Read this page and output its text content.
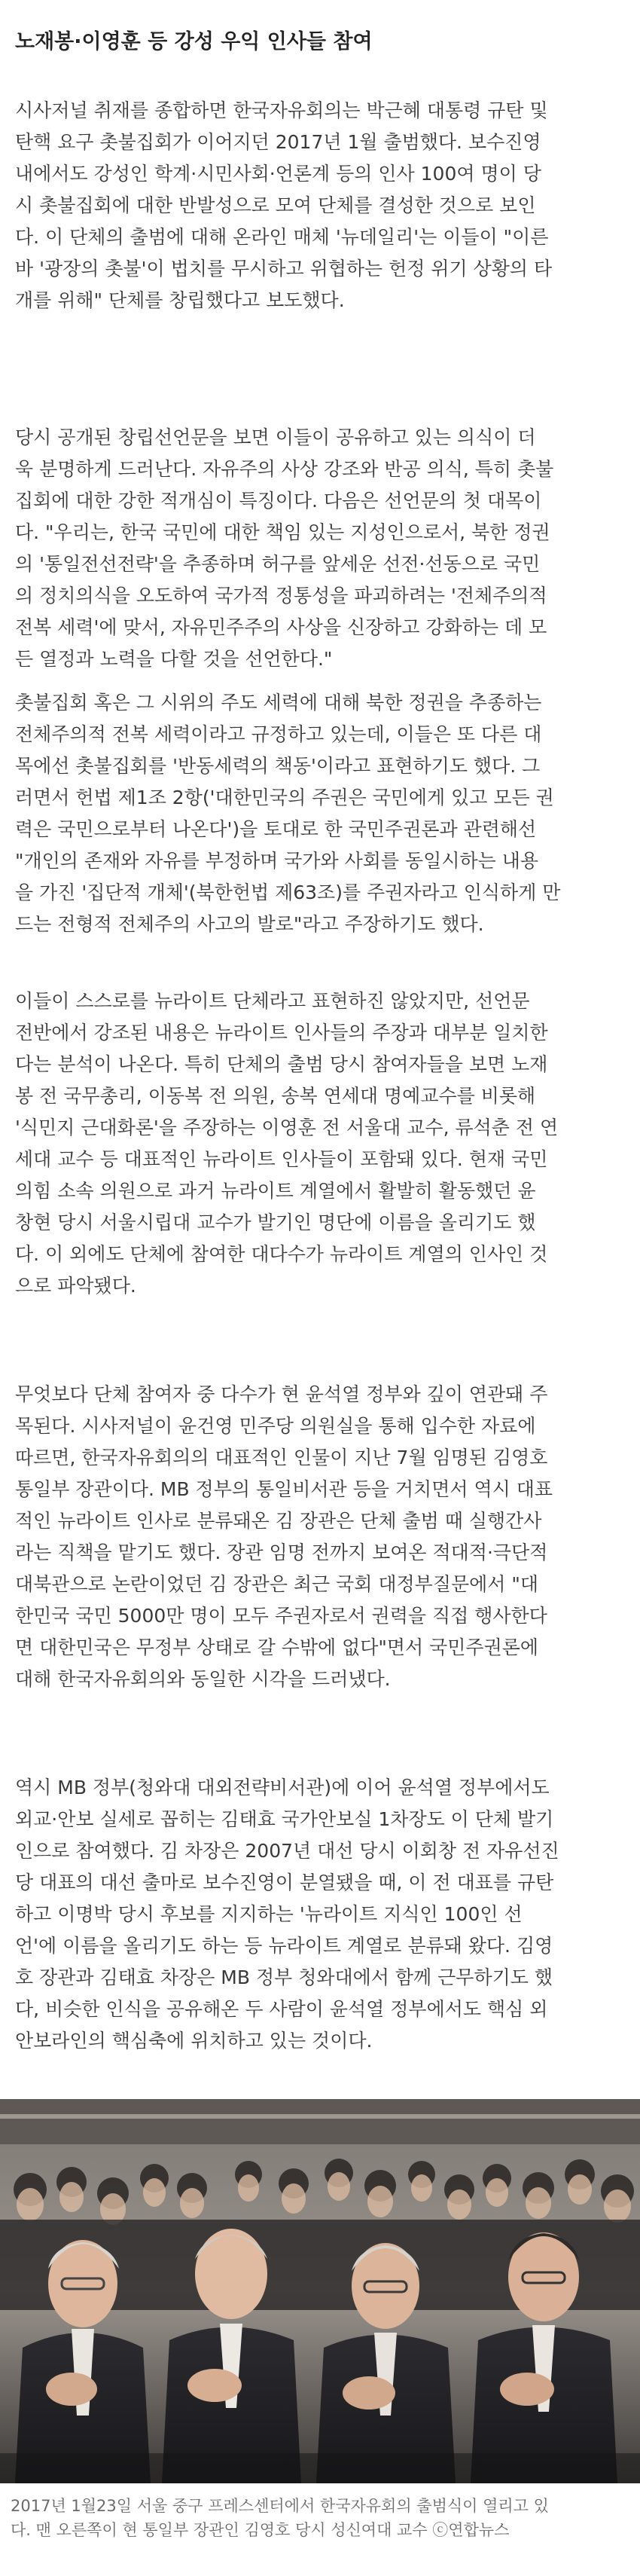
노재봉·이영훈 등 강성 우익 인사들 참여

시사저널 취재를 종합하면 한국자유회의는 박근혜 대통령 규탄 및
탄핵 요구 촛불집회가 이어지던 2017년 1월 출범했다. 보수진영
내에서도 강성인 학계·시민사회·언론계 등의 인사 100여 명이 당
시 촛불집회에 대한 반발성으로 모여 단체를 결성한 것으로 보인
다. 이 단체의 출범에 대해 온라인 매체 '뉴데일리'는 이들이 "이른
바 '광장의 촛불'이 법치를 무시하고 위협하는 헌정 위기 상황의 타
개를 위해" 단체를 창립했다고 보도했다.

당시 공개된 창립선언문을 보면 이들이 공유하고 있는 의식이 더
욱 분명하게 드러난다. 자유주의 사상 강조와 반공 의식, 특히 촛불
집회에 대한 강한 적개심이 특징이다. 다음은 선언문의 첫 대목이
다. "우리는, 한국 국민에 대한 책임 있는 지성인으로서, 북한 정권
의 '통일전선전략'을 추종하며 허구를 앞세운 선전·선동으로 국민
의 정치의식을 오도하여 국가적 정통성을 파괴하려는 '전체주의적
전복 세력'에 맞서, 자유민주주의 사상을 신장하고 강화하는 데 모
든 열정과 노력을 다할 것을 선언한다."

촛불집회 혹은 그 시위의 주도 세력에 대해 북한 정권을 추종하는
전체주의적 전복 세력이라고 규정하고 있는데, 이들은 또 다른 대
목에선 촛불집회를 '반동세력의 책동'이라고 표현하기도 했다. 그
러면서 헌법 제1조 2항('대한민국의 주권은 국민에게 있고 모든 권
력은 국민으로부터 나온다')을 토대로 한 국민주권론과 관련해선
"개인의 존재와 자유를 부정하며 국가와 사회를 동일시하는 내용
을 가진 '집단적 개체'(북한헌법 제63조)를 주권자라고 인식하게 만
드는 전형적 전체주의 사고의 발로"라고 주장하기도 했다.

이들이 스스로를 뉴라이트 단체라고 표현하진 않았지만, 선언문
전반에서 강조된 내용은 뉴라이트 인사들의 주장과 대부분 일치한
다는 분석이 나온다. 특히 단체의 출범 당시 참여자들을 보면 노재
봉 전 국무총리, 이동복 전 의원, 송복 연세대 명예교수를 비롯해
'식민지 근대화론'을 주장하는 이영훈 전 서울대 교수, 류석춘 전 연
세대 교수 등 대표적인 뉴라이트 인사들이 포함돼 있다. 현재 국민
의힘 소속 의원으로 과거 뉴라이트 계열에서 활발히 활동했던 윤
창현 당시 서울시립대 교수가 발기인 명단에 이름을 올리기도 했
다. 이 외에도 단체에 참여한 대다수가 뉴라이트 계열의 인사인 것
으로 파악됐다.

무엇보다 단체 참여자 중 다수가 현 윤석열 정부와 깊이 연관돼 주
목된다. 시사저널이 윤건영 민주당 의원실을 통해 입수한 자료에
따르면, 한국자유회의의 대표적인 인물이 지난 7월 임명된 김영호
통일부 장관이다. MB 정부의 통일비서관 등을 거치면서 역시 대표
적인 뉴라이트 인사로 분류돼온 김 장관은 단체 출범 때 실행간사
라는 직책을 맡기도 했다. 장관 임명 전까지 보여온 적대적·극단적
대북관으로 논란이었던 김 장관은 최근 국회 대정부질문에서 "대
한민국 국민 5000만 명이 모두 주권자로서 권력을 직접 행사한다
면 대한민국은 무정부 상태로 갈 수밖에 없다"면서 국민주권론에
대해 한국자유회의와 동일한 시각을 드러냈다.

역시 MB 정부(청와대 대외전략비서관)에 이어 윤석열 정부에서도
외교·안보 실세로 꼽히는 김태효 국가안보실 1차장도 이 단체 발기
인으로 참여했다. 김 차장은 2007년 대선 당시 이회창 전 자유선진
당 대표의 대선 출마로 보수진영이 분열됐을 때, 이 전 대표를 규탄
하고 이명박 당시 후보를 지지하는 '뉴라이트 지식인 100인 선
언'에 이름을 올리기도 하는 등 뉴라이트 계열로 분류돼 왔다. 김영
호 장관과 김태효 차장은 MB 정부 청와대에서 함께 근무하기도 했
다, 비슷한 인식을 공유해온 두 사람이 윤석열 정부에서도 핵심 외
안보라인의 핵심축에 위치하고 있는 것이다.

2017년 1월23일 서울 중구 프레스센터에서 한국자유회의 출범식이 열리고 있
다. 맨 오른쪽이 현 통일부 장관인 김영호 당시 성신여대 교수 ⓒ연합뉴스
